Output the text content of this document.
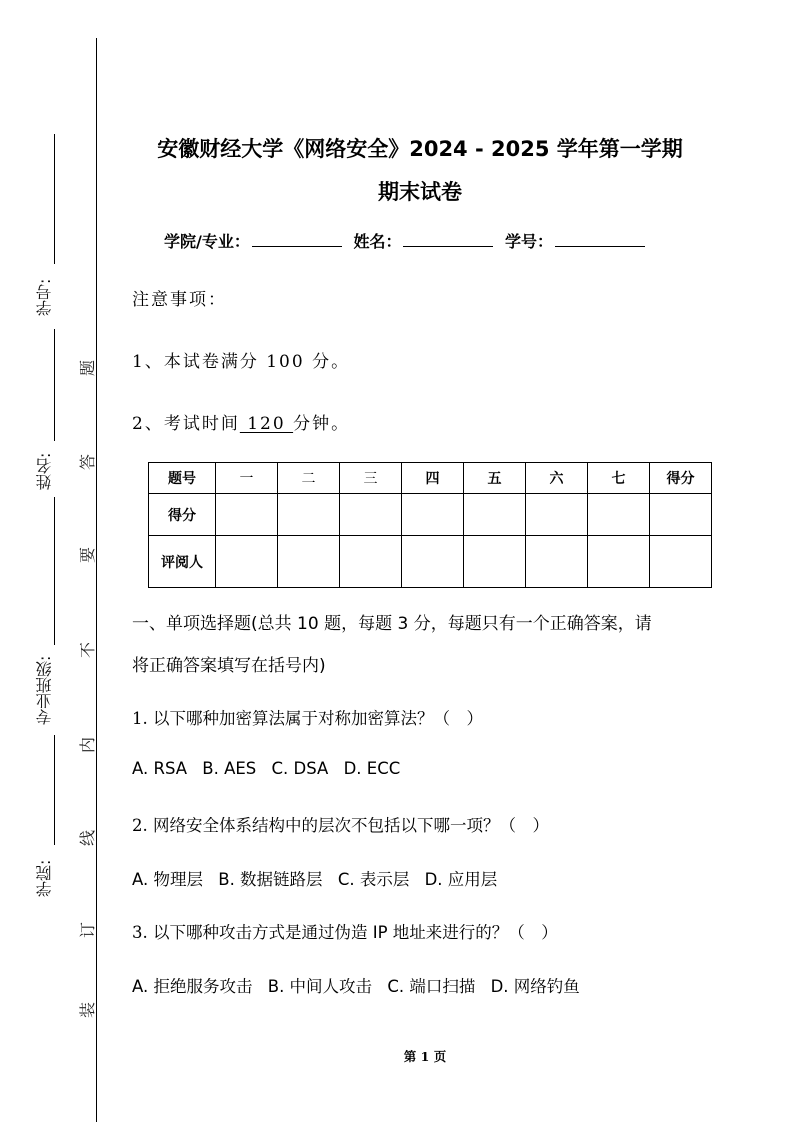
学号:
姓名:
专业班级:
学院:
装
订
线
内
不
要
答
题
安徽财经大学《网络安全》2024 - 2025 学年第一学期
期末试卷
学院/专业：	姓名：	学号：
注意事项：
1、本试卷满分 100 分。
2、考试时间 120 分钟。
题号	一	二	三	四	五	六	七	得分
得分								
评阅人								
一、单项选择题(总共 10 题，每题 3 分，每题只有一个正确答案，请
将正确答案填写在括号内)
1. 以下哪种加密算法属于对称加密算法？（　）
A. RSA B. AES C. DSA D. ECC
2. 网络安全体系结构中的层次不包括以下哪一项？（　）
A. 物理层 B. 数据链路层 C. 表示层 D. 应用层
3. 以下哪种攻击方式是通过伪造 IP 地址来进行的？（　）
A. 拒绝服务攻击 B. 中间人攻击 C. 端口扫描 D. 网络钓鱼
第 1 页
